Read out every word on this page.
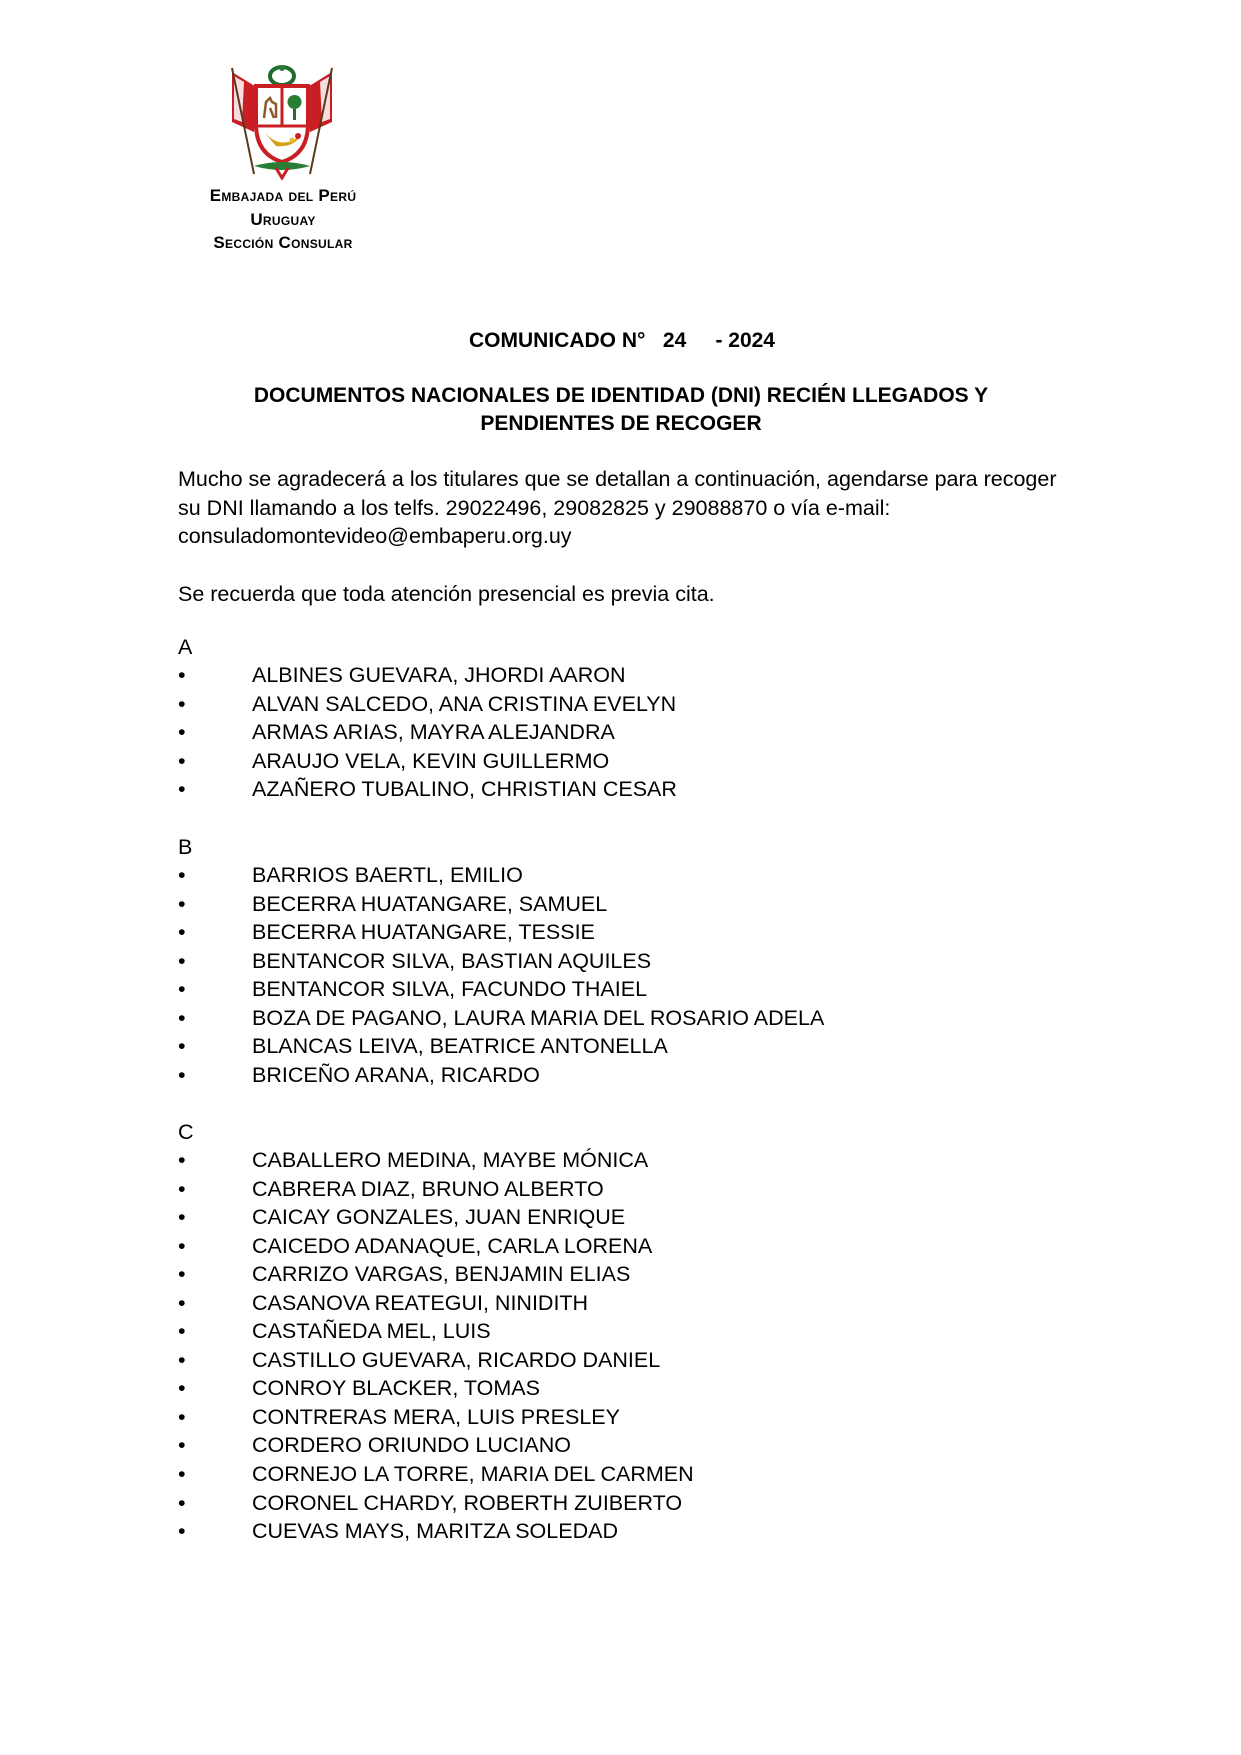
Embajada del Perú
Uruguay
Sección Consular
COMUNICADO N°   24     - 2024
DOCUMENTOS NACIONALES DE IDENTIDAD (DNI) RECIÉN LLEGADOS Y
PENDIENTES DE RECOGER
Mucho se agradecerá a los titulares que se detallan a continuación, agendarse para recoger su DNI llamando a los telfs. 29022496, 29082825 y 29088870 o vía e-mail: consuladomontevideo@embaperu.org.uy
Se recuerda que toda atención presencial es previa cita.
A
•	ALBINES GUEVARA, JHORDI AARON
•	ALVAN SALCEDO, ANA CRISTINA EVELYN
•	ARMAS ARIAS, MAYRA ALEJANDRA
•	ARAUJO VELA, KEVIN GUILLERMO
•	AZAÑERO TUBALINO, CHRISTIAN CESAR
B
•	BARRIOS BAERTL, EMILIO
•	BECERRA HUATANGARE, SAMUEL
•	BECERRA HUATANGARE, TESSIE
•	BENTANCOR SILVA, BASTIAN AQUILES
•	BENTANCOR SILVA, FACUNDO THAIEL
•	BOZA DE PAGANO, LAURA MARIA DEL ROSARIO ADELA
•	BLANCAS LEIVA, BEATRICE ANTONELLA
•	BRICEÑO ARANA, RICARDO
C
•	CABALLERO MEDINA, MAYBE MÓNICA
•	CABRERA DIAZ, BRUNO ALBERTO
•	CAICAY GONZALES, JUAN ENRIQUE
•	CAICEDO ADANAQUE, CARLA LORENA
•	CARRIZO VARGAS, BENJAMIN ELIAS
•	CASANOVA REATEGUI, NINIDITH
•	CASTAÑEDA MEL, LUIS
•	CASTILLO GUEVARA, RICARDO DANIEL
•	CONROY BLACKER, TOMAS
•	CONTRERAS MERA, LUIS PRESLEY
•	CORDERO ORIUNDO LUCIANO
•	CORNEJO LA TORRE, MARIA DEL CARMEN
•	CORONEL CHARDY, ROBERTH ZUIBERTO
•	CUEVAS MAYS, MARITZA SOLEDAD
